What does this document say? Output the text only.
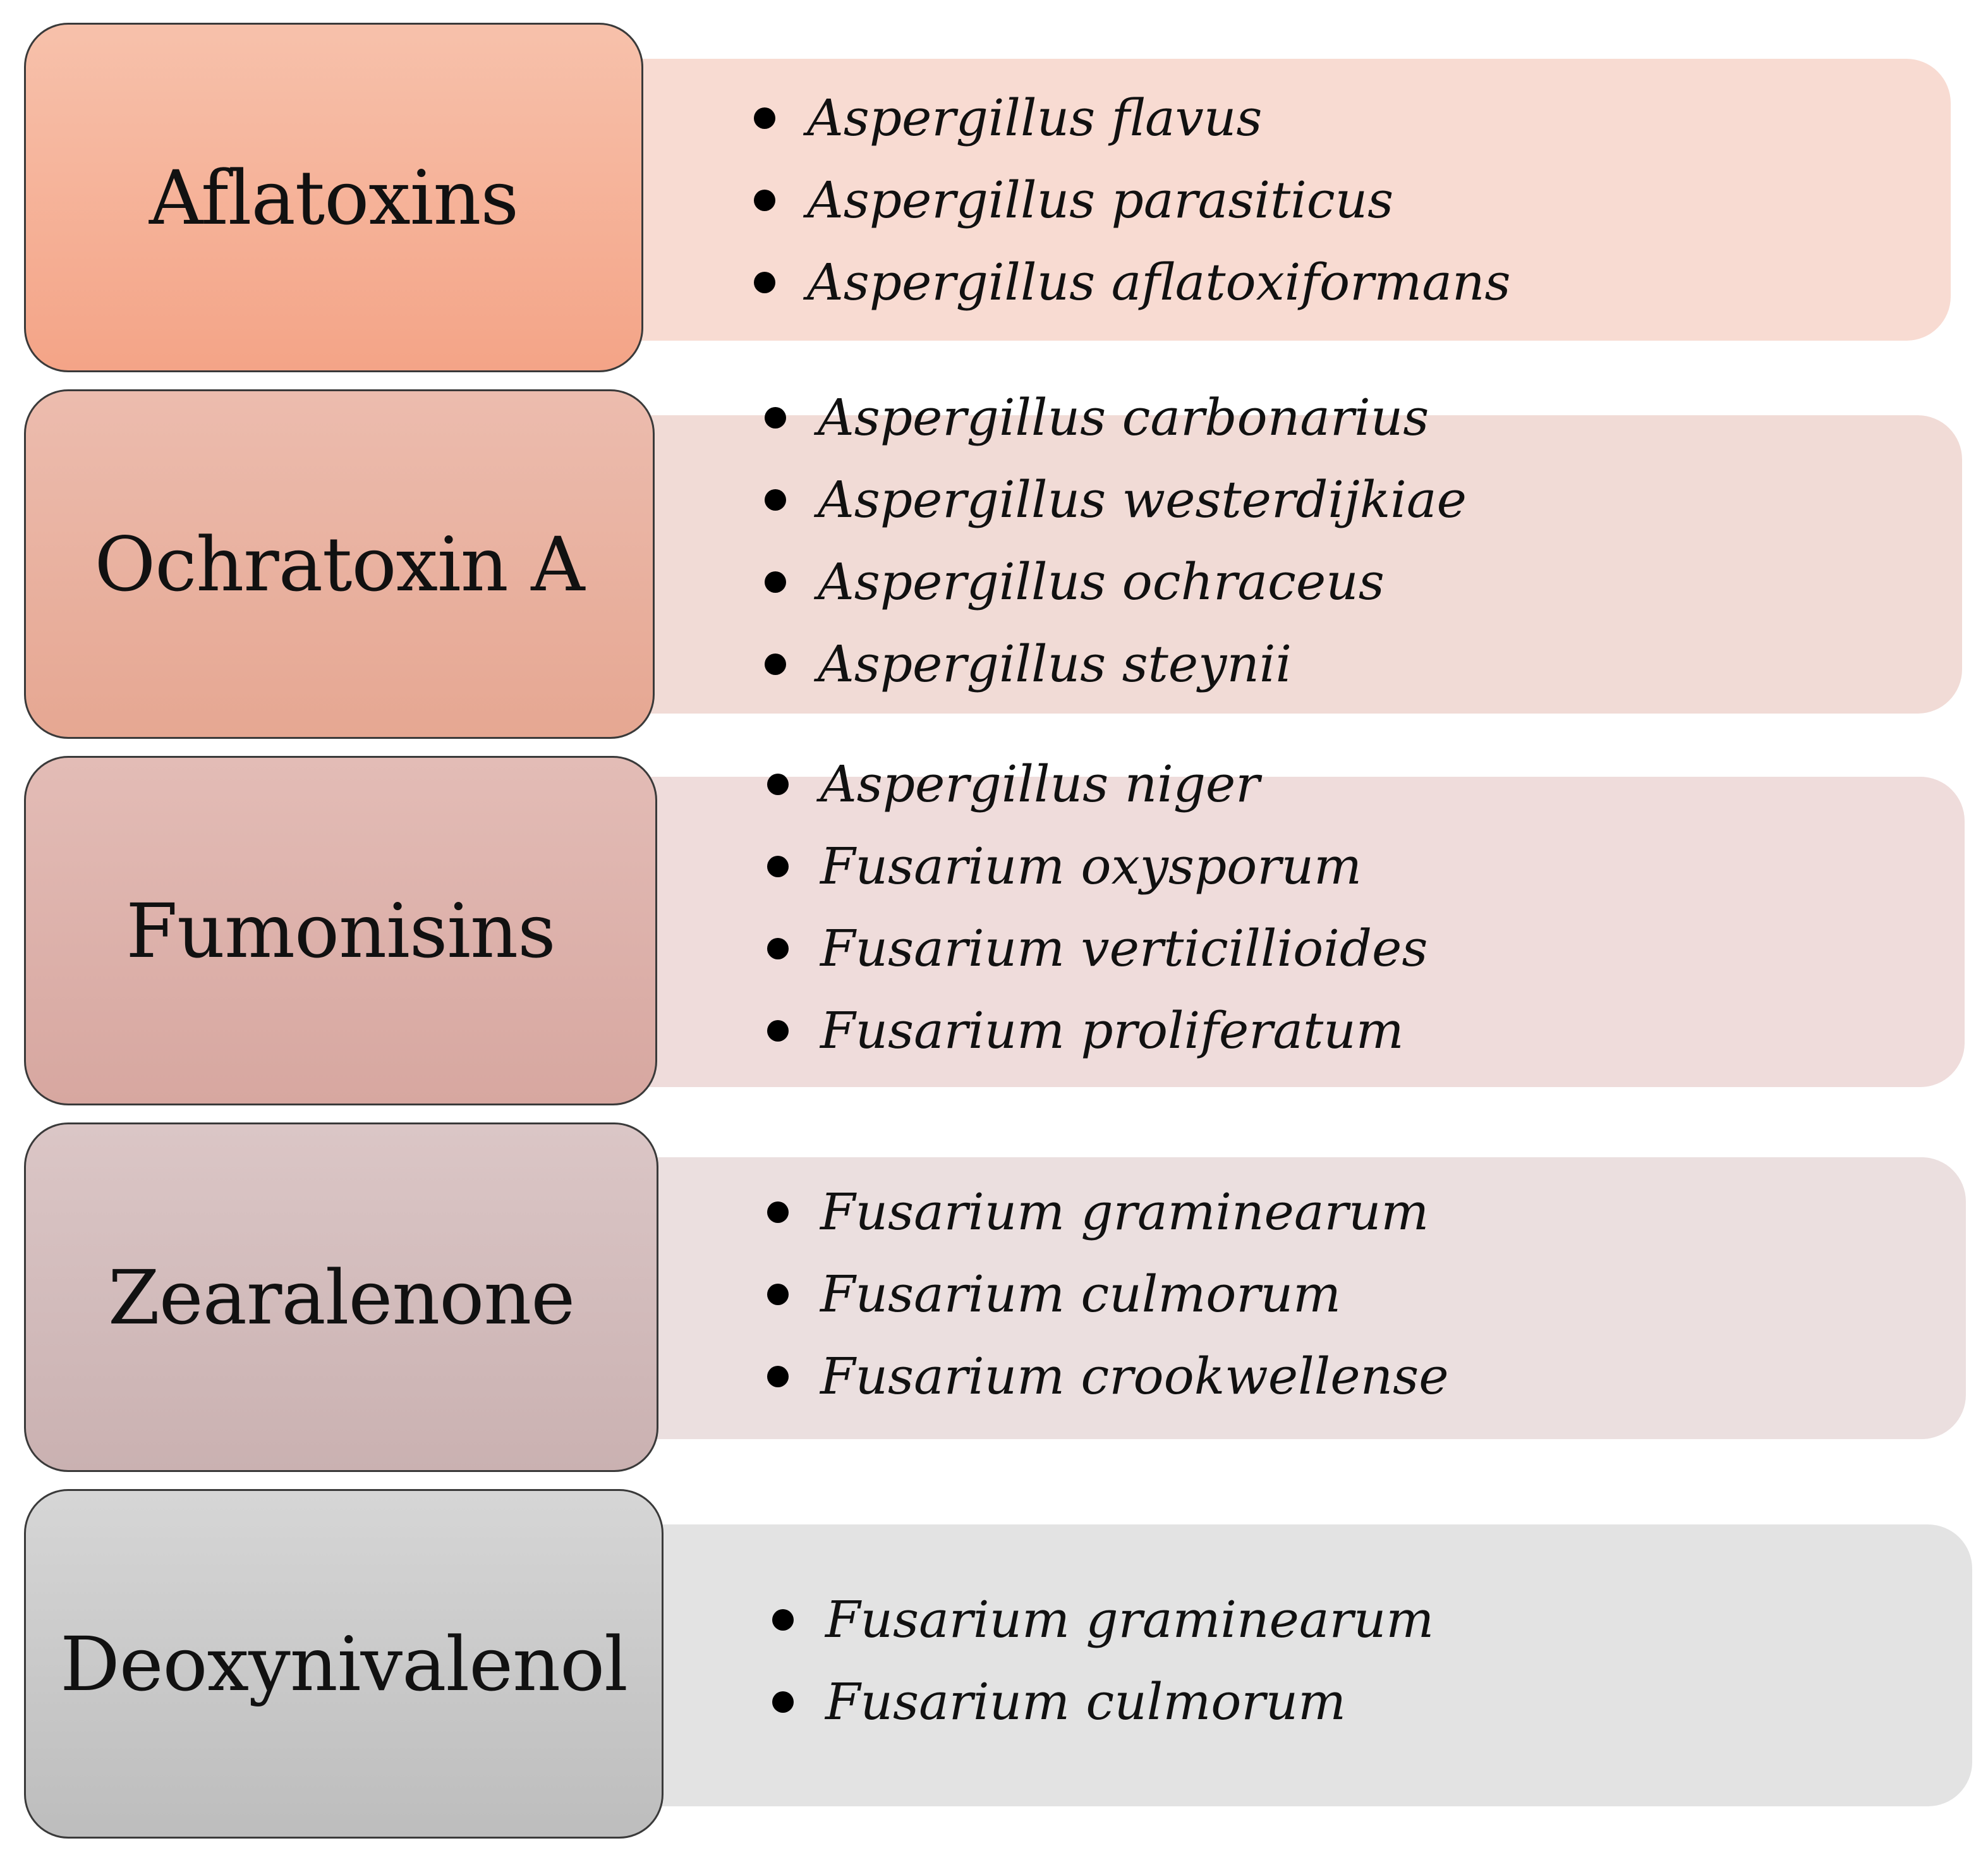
Aflatoxins
Aspergillus flavus
Aspergillus parasiticus
Aspergillus aflatoxiformans
Ochratoxin A
Aspergillus carbonarius
Aspergillus westerdijkiae
Aspergillus ochraceus
Aspergillus steynii
Fumonisins
Aspergillus niger
Fusarium oxysporum
Fusarium verticillioides
Fusarium proliferatum
Zearalenone
Fusarium graminearum
Fusarium culmorum
Fusarium crookwellense
Deoxynivalenol
Fusarium graminearum
Fusarium culmorum
